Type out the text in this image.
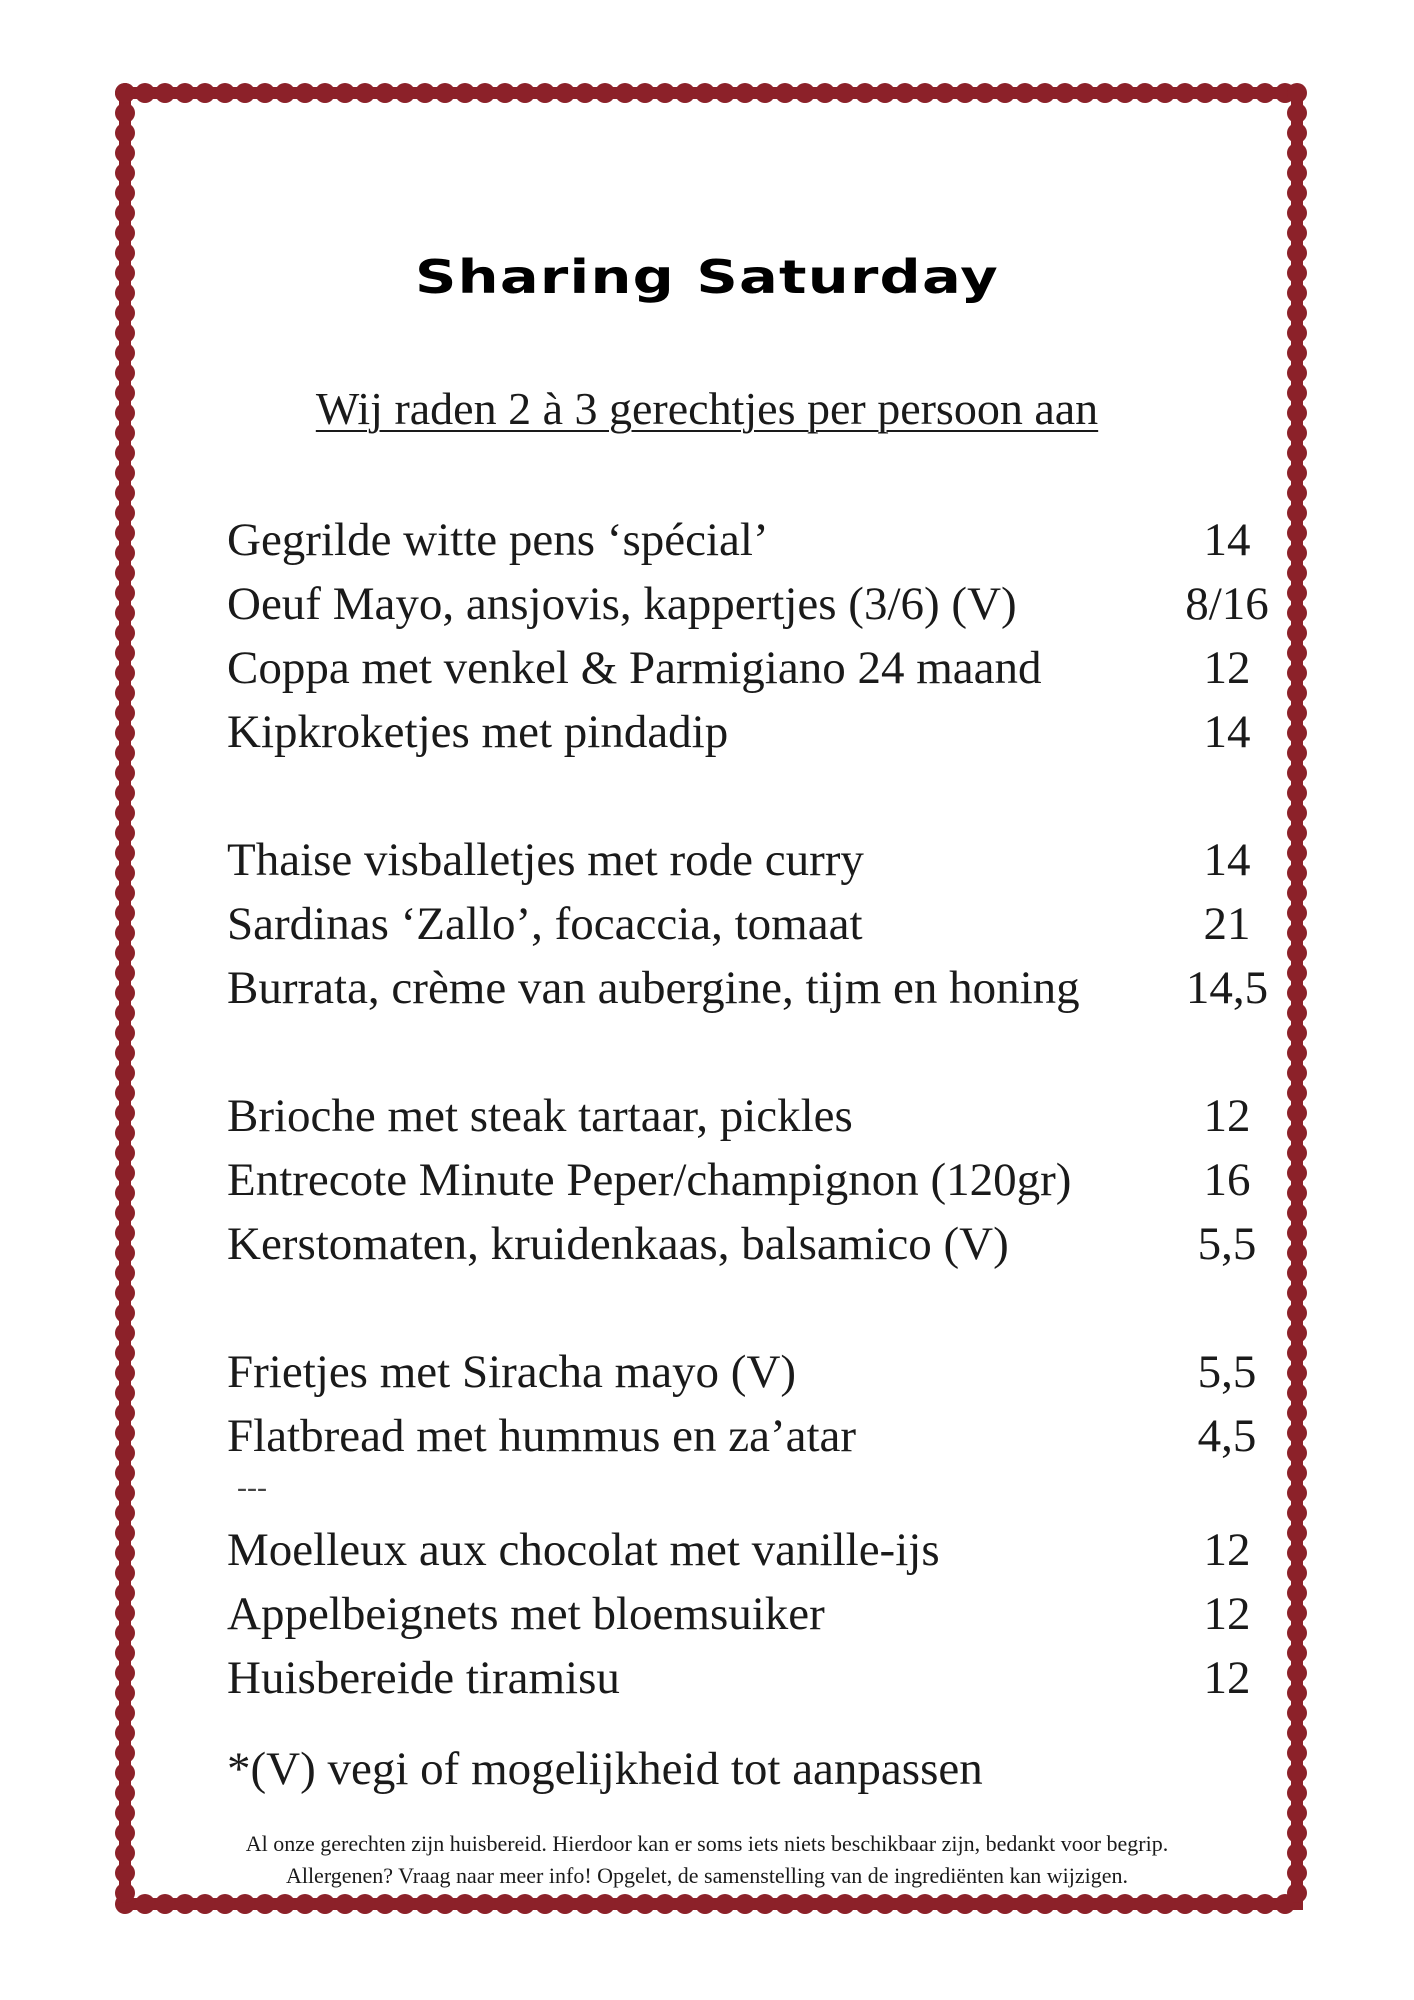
Sharing Saturday
Wij raden 2 à 3 gerechtjes per persoon aan
Gegrilde witte pens ‘spécial’	14
Oeuf Mayo, ansjovis, kappertjes (3/6) (V)	8/16
Coppa met venkel & Parmigiano 24 maand	12
Kipkroketjes met pindadip	14
Thaise visballetjes met rode curry	14
Sardinas ‘Zallo’, focaccia, tomaat	21
Burrata, crème van aubergine, tijm en honing	14,5
Brioche met steak tartaar, pickles	12
Entrecote Minute Peper/champignon (120gr)	16
Kerstomaten, kruidenkaas, balsamico (V)	5,5
Frietjes met Siracha mayo (V)	5,5
Flatbread met hummus en za’atar	4,5
---
Moelleux aux chocolat met vanille-ijs	12
Appelbeignets met bloemsuiker	12
Huisbereide tiramisu	12
*(V) vegi of mogelijkheid tot aanpassen
Al onze gerechten zijn huisbereid. Hierdoor kan er soms iets niets beschikbaar zijn, bedankt voor begrip.
Allergenen? Vraag naar meer info! Opgelet, de samenstelling van de ingrediënten kan wijzigen.
